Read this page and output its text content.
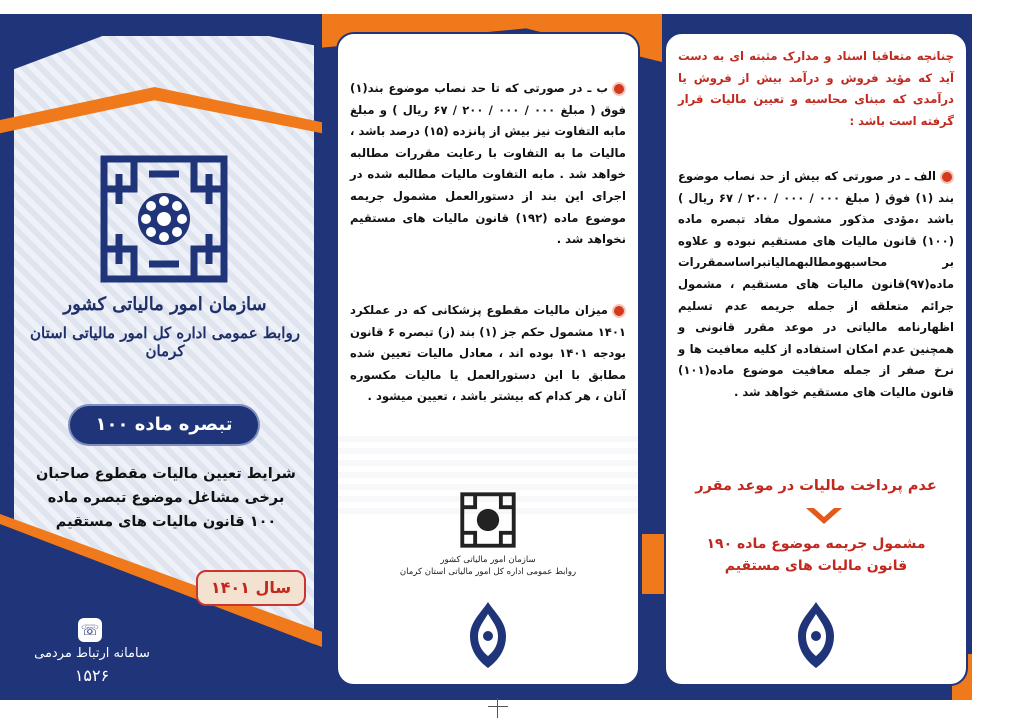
سازمان امور مالیاتی کشور
روابط عمومی اداره کل امور مالیاتی استان کرمان
تبصره ماده ۱۰۰
شرایط تعیین مالیات مقطوع صاحبان
برخی مشاغل موضوع تبصره ماده
۱۰۰ قانون مالیات های مستقیم
سال ۱۴۰۱
☏
سامانه ارتباط مردمی
۱۵۲۶
ب ـ در صورتی که تا حد نصاب موضوع بند(۱) فوق ( مبلغ ۰۰۰ / ۰۰۰ / ۲۰۰ / ۶۷ ریال ) و مبلغ مابه التفاوت نیز بیش از پانزده (۱۵) درصد باشد ، مالیات ما به التفاوت با رعایت مقررات مطالبه خواهد شد . مابه التفاوت مالیات مطالبه شده در اجرای این بند از دستورالعمل مشمول جریمه موضوع ماده (۱۹۲) قانون مالیات های مستقیم نخواهد شد .
میزان مالیات مقطوع پزشکانی که در عملکرد ۱۴۰۱ مشمول حکم جز (۱) بند (ز) تبصره ۶ قانون بودجه ۱۴۰۱ بوده اند ، معادل مالیات تعیین شده مطابق با این دستورالعمل یا مالیات مکسوره آنان ، هر کدام که بیشتر باشد ، تعیین میشود .
سازمان امور مالیاتی کشور
روابط عمومی اداره کل امور مالیاتی استان کرمان
چنانچه متعاقبا اسناد و مدارک مثبته ای به دست آید که مؤید فروش و درآمد بیش از فروش یا درآمدی که مبنای محاسبه و تعیین مالیات قرار گرفته است باشد :
الف ـ در صورتی که بیش از حد نصاب موضوع بند (۱) فوق ( مبلغ ۰۰۰ / ۰۰۰ / ۲۰۰ / ۶۷ ریال ) باشد ،مؤدی مذکور مشمول مفاد تبصره ماده (۱۰۰) قانون مالیات های مستقیم نبوده و علاوه بر محاسبهومطالبهمالیاتبراساسمقررات ماده(۹۷)قانون مالیات های مستقیم ، مشمول جرائم متعلقه از جمله جریمه عدم تسلیم اظهارنامه مالیاتی در موعد مقرر قانونی و همچنین عدم امکان استفاده از کلیه معافیت ها و نرخ صفر از جمله معافیت موضوع ماده(۱۰۱) قانون مالیات های مستقیم خواهد شد .
عدم پرداخت مالیات در موعد مقرر
مشمول جریمه موضوع ماده ۱۹۰
قانون مالیات های مستقیم
